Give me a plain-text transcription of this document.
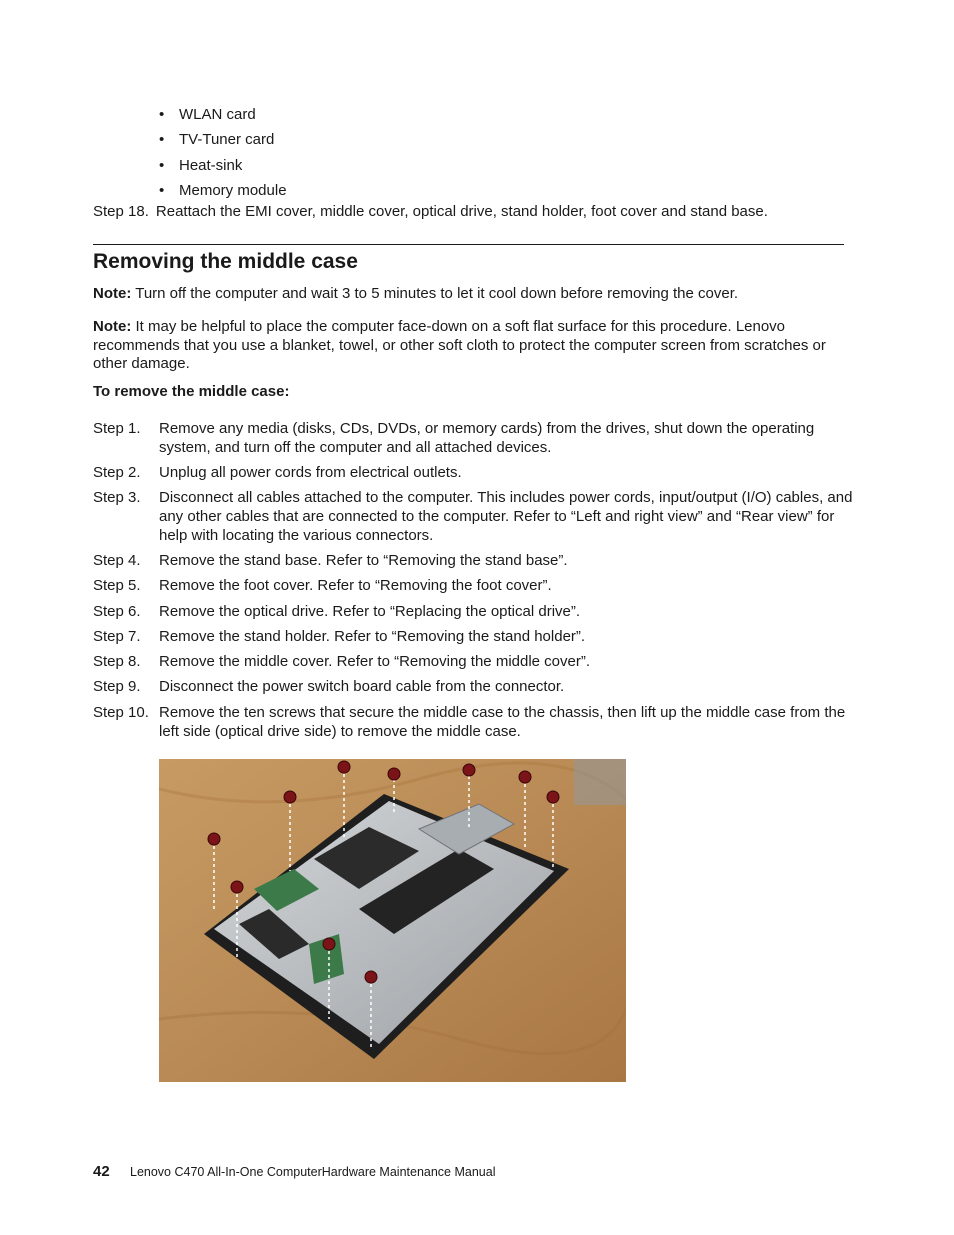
• WLAN card
• TV-Tuner card
• Heat-sink
• Memory module
Step 18. Reattach the EMI cover, middle cover, optical drive, stand holder, foot cover and stand base.
Removing the middle case

Note: Turn off the computer and wait 3 to 5 minutes to let it cool down before removing the cover.

Note: It may be helpful to place the computer face-down on a soft flat surface for this procedure. Lenovo recommends that you use a blanket, towel, or other soft cloth to protect the computer screen from scratches or other damage.

To remove the middle case:

Step 1.	Remove any media (disks, CDs, DVDs, or memory cards) from the drives, shut down the operating system, and turn off the computer and all attached devices.
Step 2.	Unplug all power cords from electrical outlets.
Step 3.	Disconnect all cables attached to the computer. This includes power cords, input/output (I/O) cables, and any other cables that are connected to the computer. Refer to “Left and right view” and “Rear view” for help with locating the various connectors.
Step 4.	Remove the stand base. Refer to “Removing the stand base”.
Step 5.	Remove the foot cover. Refer to “Removing the foot cover”.
Step 6.	Remove the optical drive. Refer to “Replacing the optical drive”.
Step 7.	Remove the stand holder. Refer to “Removing the stand holder”.
Step 8.	Remove the middle cover. Refer to “Removing the middle cover”.
Step 9.	Disconnect the power switch board cable from the connector.
Step 10. Remove the ten screws that secure the middle case to the chassis, then lift up the middle case from the left side (optical drive side) to remove the middle case.
42	Lenovo C470 All-In-One ComputerHardware Maintenance Manual
